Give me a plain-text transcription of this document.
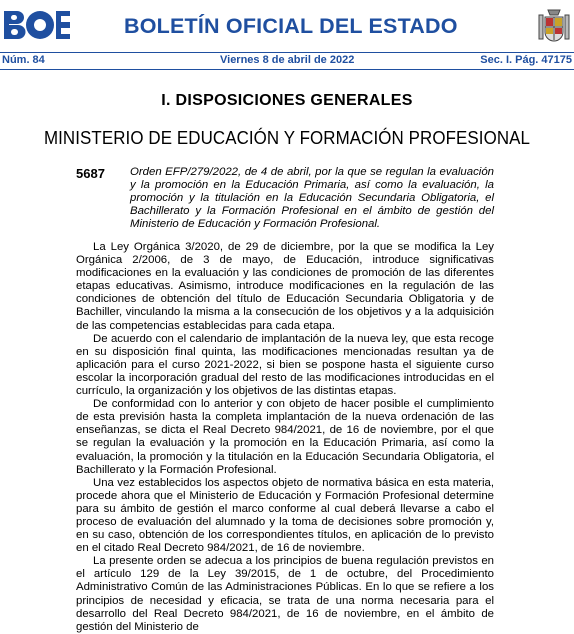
BOLETÍN OFICIAL DEL ESTADO
Núm. 84	Viernes 8 de abril de 2022	Sec. I. Pág. 47175
I. DISPOSICIONES GENERALES
MINISTERIO DE EDUCACIÓN Y FORMACIÓN PROFESIONAL
5687 Orden EFP/279/2022, de 4 de abril, por la que se regulan la evaluación y la promoción en la Educación Primaria, así como la evaluación, la promoción y la titulación en la Educación Secundaria Obligatoria, el Bachillerato y la Formación Profesional en el ámbito de gestión del Ministerio de Educación y Formación Profesional.

La Ley Orgánica 3/2020, de 29 de diciembre, por la que se modifica la Ley Orgánica 2/2006, de 3 de mayo, de Educación, introduce significativas modificaciones en la evaluación y las condiciones de promoción de las diferentes etapas educativas. Asimismo, introduce modificaciones en la regulación de las condiciones de obtención del título de Educación Secundaria Obligatoria y de Bachiller, vinculando la misma a la consecución de los objetivos y a la adquisición de las competencias establecidas para cada etapa.

De acuerdo con el calendario de implantación de la nueva ley, que esta recoge en su disposición final quinta, las modificaciones mencionadas resultan ya de aplicación para el curso 2021-2022, si bien se pospone hasta el siguiente curso escolar la incorporación gradual del resto de las modificaciones introducidas en el currículo, la organización y los objetivos de las distintas etapas.

De conformidad con lo anterior y con objeto de hacer posible el cumplimiento de esta previsión hasta la completa implantación de la nueva ordenación de las enseñanzas, se dicta el Real Decreto 984/2021, de 16 de noviembre, por el que se regulan la evaluación y la promoción en la Educación Primaria, así como la evaluación, la promoción y la titulación en la Educación Secundaria Obligatoria, el Bachillerato y la Formación Profesional.

Una vez establecidos los aspectos objeto de normativa básica en esta materia, procede ahora que el Ministerio de Educación y Formación Profesional determine para su ámbito de gestión el marco conforme al cual deberá llevarse a cabo el proceso de evaluación del alumnado y la toma de decisiones sobre promoción y, en su caso, obtención de los correspondientes títulos, en aplicación de lo previsto en el citado Real Decreto 984/2021, de 16 de noviembre.

La presente orden se adecua a los principios de buena regulación previstos en el artículo 129 de la Ley 39/2015, de 1 de octubre, del Procedimiento Administrativo Común de las Administraciones Públicas. En lo que se refiere a los principios de necesidad y eficacia, se trata de una norma necesaria para el desarrollo del Real Decreto 984/2021, de 16 de noviembre, en el ámbito de gestión del Ministerio de
